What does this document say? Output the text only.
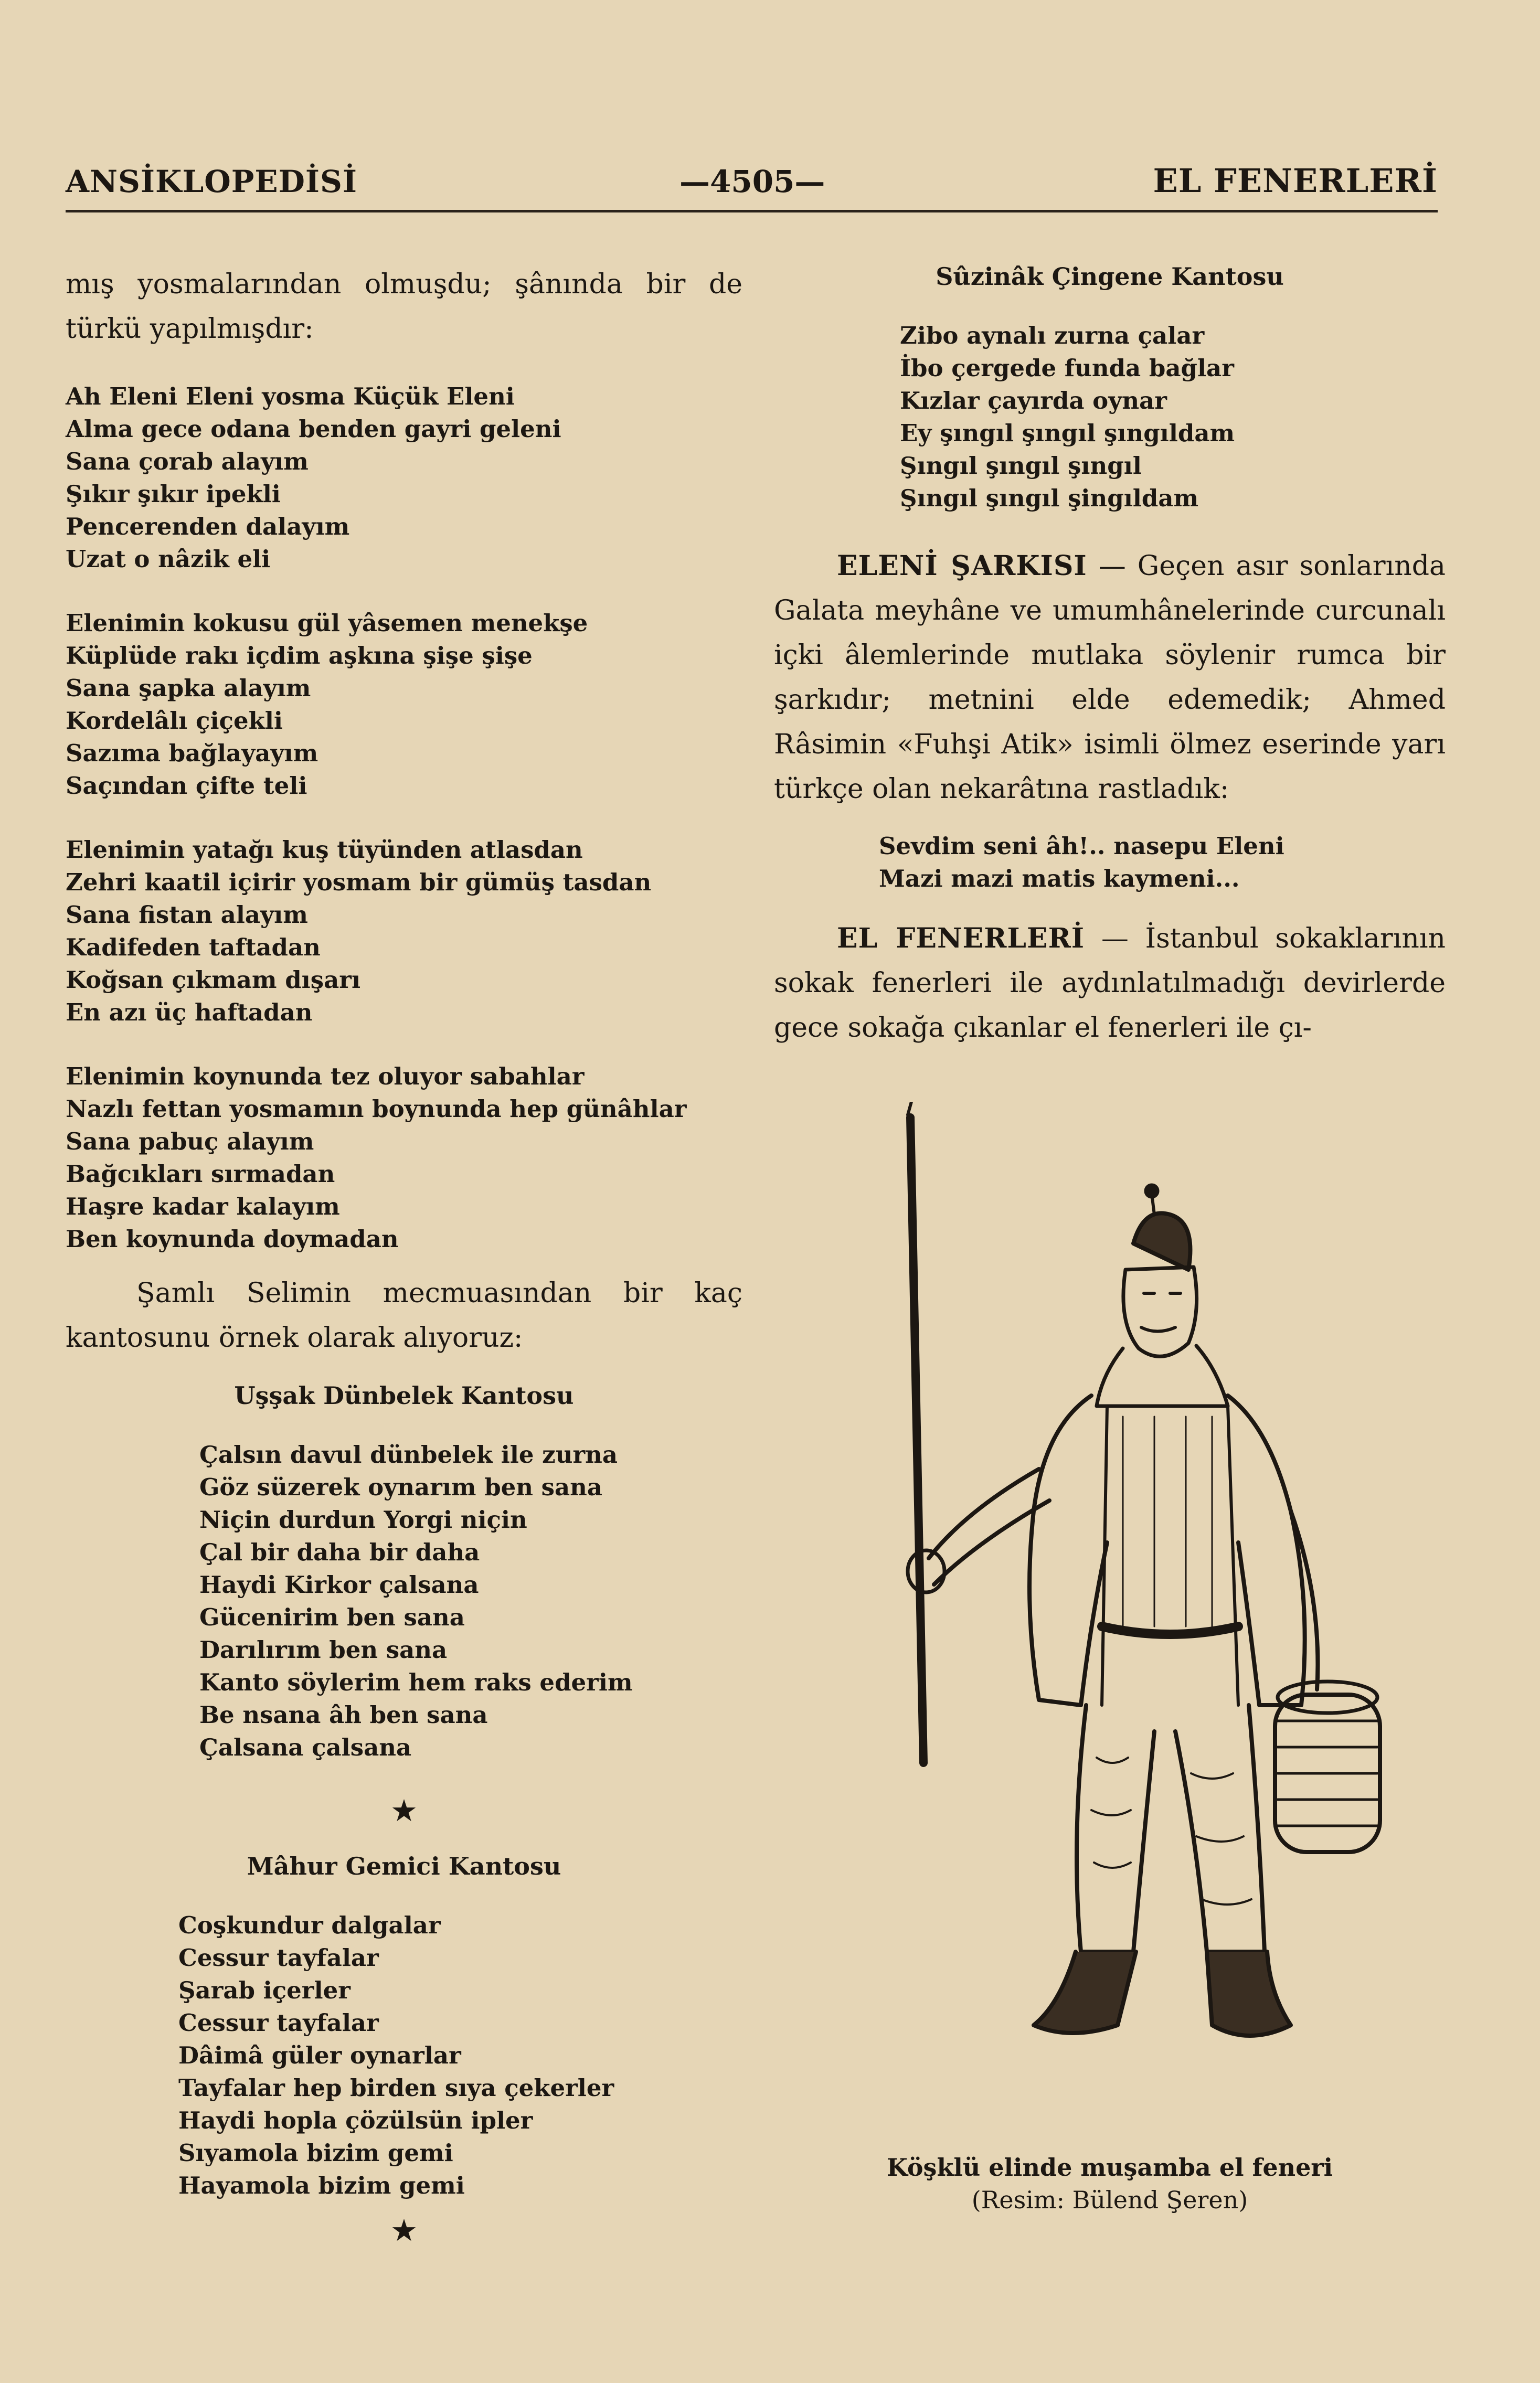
ANSİKLOPEDİSİ	—4505—	EL FENERLERİ

mış yosmalarından olmuşdu; şânında bir de türkü yapılmışdır:

Ah Eleni Eleni yosma Küçük Eleni
Alma gece odana benden gayri geleni
Sana çorab alayım
Şıkır şıkır ipekli
Pencerenden dalayım
Uzat o nâzik eli
Elenimin kokusu gül yâsemen menekşe
Küplüde rakı içdim aşkına şişe şişe
Sana şapka alayım
Kordelâlı çiçekli
Sazıma bağlayayım
Saçından çifte teli
Elenimin yatağı kuş tüyünden atlasdan
Zehri kaatil içirir yosmam bir gümüş tasdan
Sana fistan alayım
Kadifeden taftadan
Koğsan çıkmam dışarı
En azı üç haftadan
Elenimin koynunda tez oluyor sabahlar
Nazlı fettan yosmamın boynunda hep günâhlar
Sana pabuç alayım
Bağcıkları sırmadan
Haşre kadar kalayım
Ben koynunda doymadan

Şamlı Selimin mecmuasından bir kaç kantosunu örnek olarak alıyoruz:

Uşşak Dünbelek Kantosu
Çalsın davul dünbelek ile zurna
Göz süzerek oynarım ben sana
Niçin durdun Yorgi niçin
Çal bir daha bir daha
Haydi Kirkor çalsana
Gücenirim ben sana
Darılırım ben sana
Kanto söylerim hem raks ederim
Be nsana âh ben sana
Çalsana çalsana
★
Mâhur Gemici Kantosu
Coşkundur dalgalar
Cessur tayfalar
Şarab içerler
Cessur tayfalar
Dâimâ güler oynarlar
Tayfalar hep birden sıya çekerler
Haydi hopla çözülsün ipler
Sıyamola bizim gemi
Hayamola bizim gemi
★
Sûzinâk Çingene Kantosu
Zibo aynalı zurna çalar
İbo çergede funda bağlar
Kızlar çayırda oynar
Ey şıngıl şıngıl şıngıldam
Şıngıl şıngıl şıngıl
Şıngıl şıngıl şingıldam

ELENİ ŞARKISI — Geçen asır sonlarında Galata meyhâne ve umumhânelerinde curcunalı içki âlemlerinde mutlaka söylenir rumca bir şarkıdır; metnini elde edemedik; Ahmed Râsimin «Fuhşi Atik» isimli ölmez eserinde yarı türkçe olan nekarâtına rastladık:

Sevdim seni âh!.. nasepu Eleni
Mazi mazi matis kaymeni...

EL FENERLERİ — İstanbul sokaklarının sokak fenerleri ile aydınlatılmadığı devirlerde gece sokağa çıkanlar el fenerleri ile çı-

Köşklü elinde muşamba el feneri
(Resim: Bülend Şeren)
